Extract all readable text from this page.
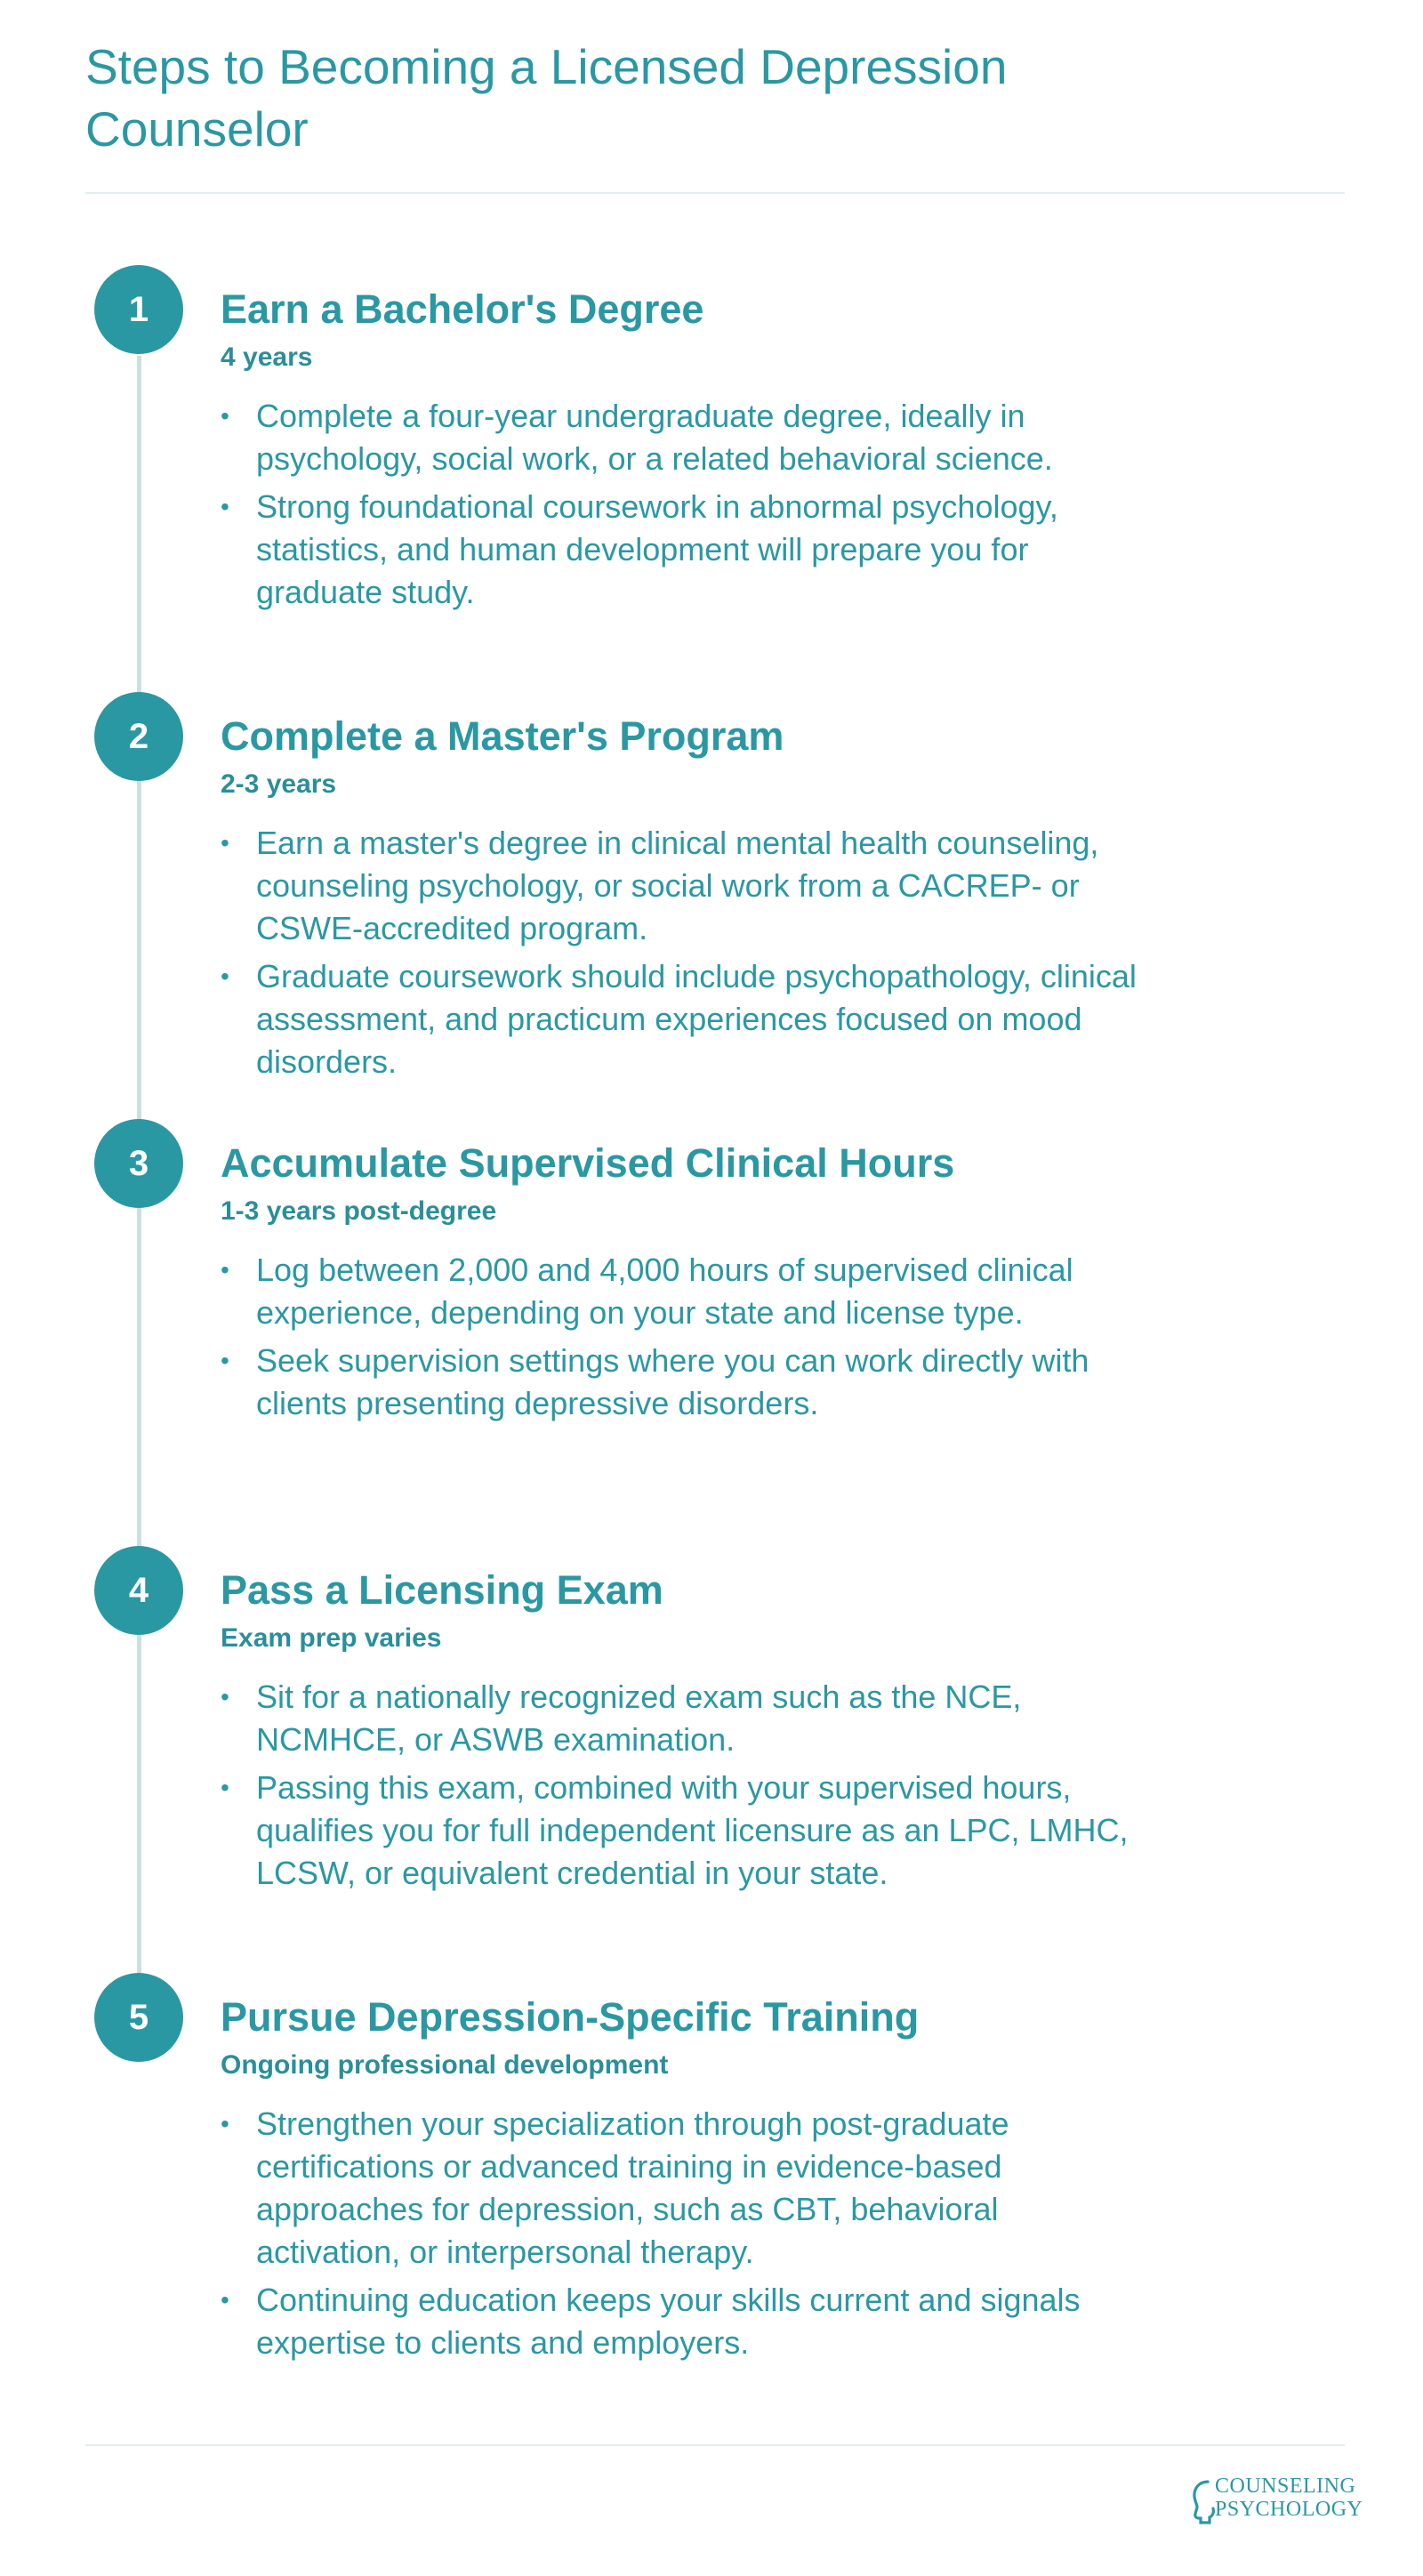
Steps to Becoming a Licensed Depression Counselor
1	Earn a Bachelor's Degree
4 years
• Complete a four-year undergraduate degree, ideally in psychology, social work, or a related behavioral science.
• Strong foundational coursework in abnormal psychology, statistics, and human development will prepare you for graduate study.
2	Complete a Master's Program
2-3 years
• Earn a master's degree in clinical mental health counseling, counseling psychology, or social work from a CACREP- or CSWE-accredited program.
• Graduate coursework should include psychopathology, clinical assessment, and practicum experiences focused on mood disorders.
3	Accumulate Supervised Clinical Hours
1-3 years post-degree
• Log between 2,000 and 4,000 hours of supervised clinical experience, depending on your state and license type.
• Seek supervision settings where you can work directly with clients presenting depressive disorders.
4	Pass a Licensing Exam
Exam prep varies
• Sit for a nationally recognized exam such as the NCE, NCMHCE, or ASWB examination.
• Passing this exam, combined with your supervised hours, qualifies you for full independent licensure as an LPC, LMHC, LCSW, or equivalent credential in your state.
5	Pursue Depression-Specific Training
Ongoing professional development
• Strengthen your specialization through post-graduate certifications or advanced training in evidence-based approaches for depression, such as CBT, behavioral activation, or interpersonal therapy.
• Continuing education keeps your skills current and signals expertise to clients and employers.
COUNSELING
PSYCHOLOGY
